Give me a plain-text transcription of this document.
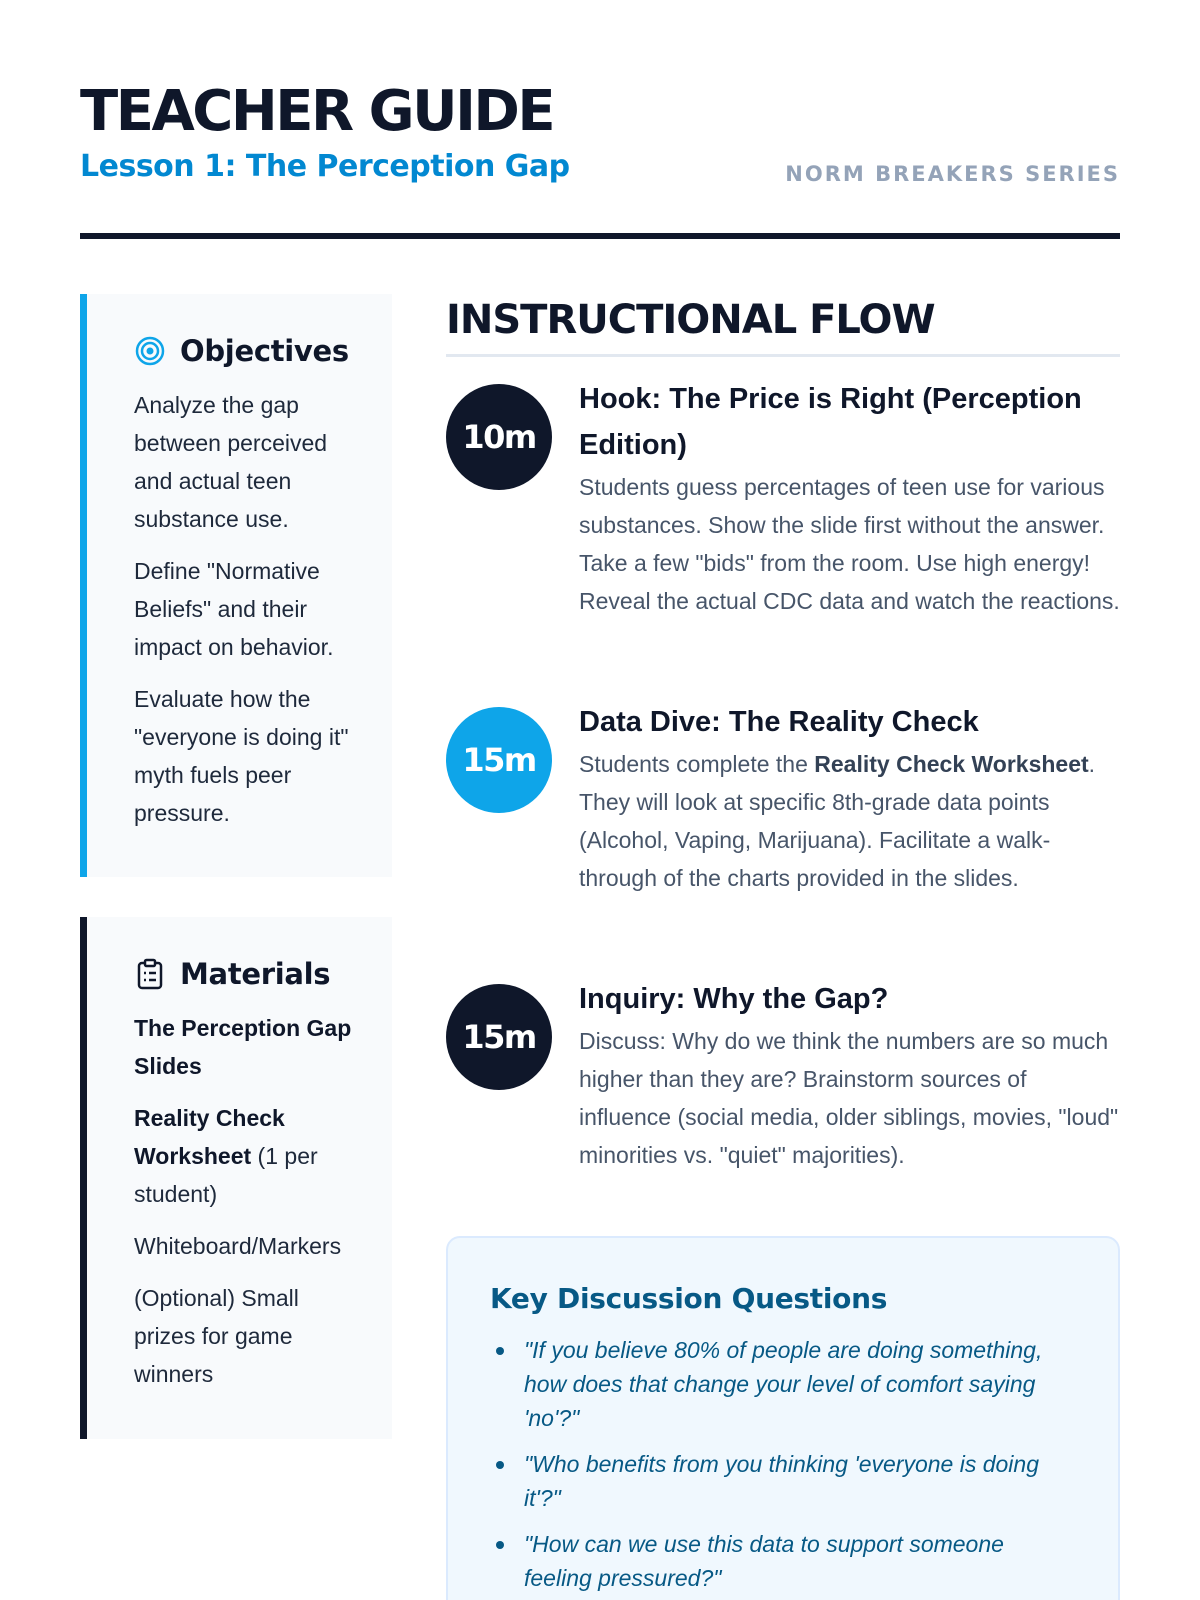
TEACHER GUIDE
Lesson 1: The Perception Gap	NORM BREAKERS SERIES
Objectives

Analyze the gap between perceived and actual teen substance use.

Define "Normative Beliefs" and their impact on behavior.

Evaluate how the "everyone is doing it" myth fuels peer pressure.

Materials

The Perception Gap Slides

Reality Check Worksheet (1 per student)

Whiteboard/Markers

(Optional) Small prizes for game winners

INSTRUCTIONAL FLOW
10m
Hook: The Price is Right (Perception Edition)

Students guess percentages of teen use for various substances. Show the slide first without the answer. Take a few "bids" from the room. Use high energy! Reveal the actual CDC data and watch the reactions.

15m
Data Dive: The Reality Check

Students complete the Reality Check Worksheet. They will look at specific 8th-grade data points (Alcohol, Vaping, Marijuana). Facilitate a walk-through of the charts provided in the slides.

15m
Inquiry: Why the Gap?

Discuss: Why do we think the numbers are so much higher than they are? Brainstorm sources of influence (social media, older siblings, movies, "loud" minorities vs. "quiet" majorities).

Key Discussion Questions
"If you believe 80% of people are doing something, how does that change your level of comfort saying 'no'?"
"Who benefits from you thinking 'everyone is doing it'?"
"How can we use this data to support someone feeling pressured?"
